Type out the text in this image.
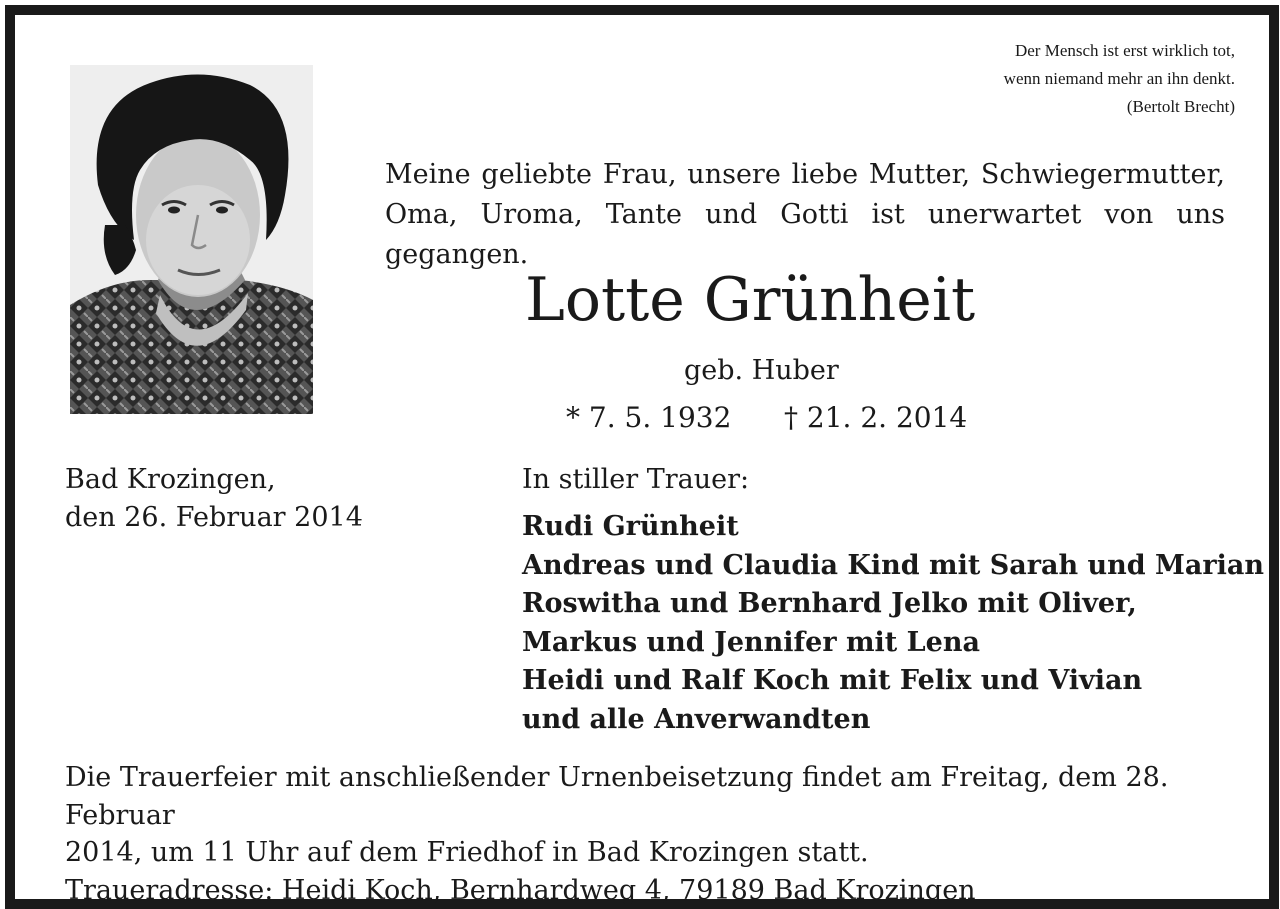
Der Mensch ist erst wirklich tot,
wenn niemand mehr an ihn denkt.
(Bertolt Brecht)
Meine geliebte Frau, unsere liebe Mutter, Schwiegermutter,
Oma, Uroma, Tante und Gotti ist unerwartet von uns gegangen.
Lotte Grünheit
geb. Huber
* 7. 5. 1932 † 21. 2. 2014
Bad Krozingen,
den 26. Februar 2014
In stiller Trauer:
Rudi Grünheit
Andreas und Claudia Kind mit Sarah und Marian
Roswitha und Bernhard Jelko mit Oliver,
Markus und Jennifer mit Lena
Heidi und Ralf Koch mit Felix und Vivian
und alle Anverwandten
Die Trauerfeier mit anschließender Urnenbeisetzung findet am Freitag, dem 28. Februar
2014, um 11 Uhr auf dem Friedhof in Bad Krozingen statt.
Traueradresse: Heidi Koch, Bernhardweg 4, 79189 Bad Krozingen
